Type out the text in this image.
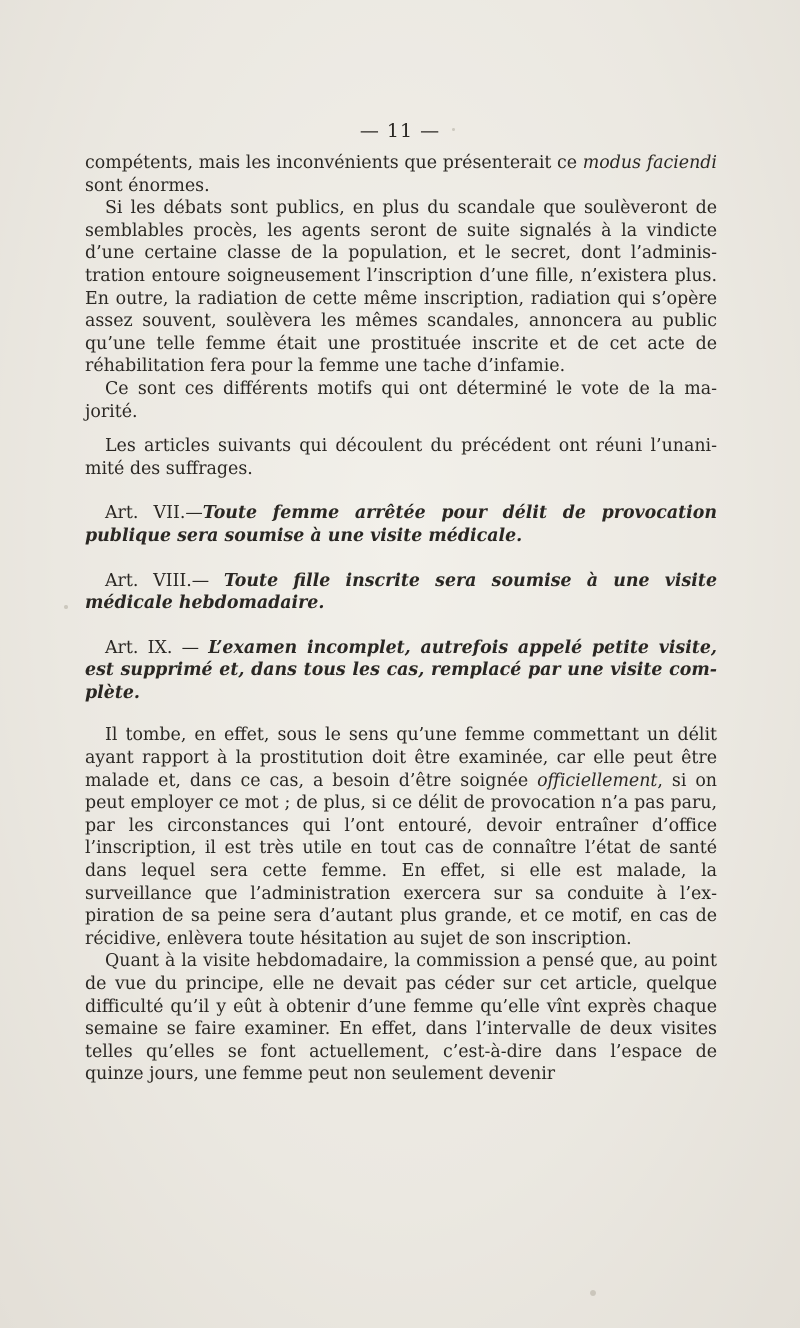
— 11 —

compétents, mais les inconvénients que présenterait ce modus faciendi sont énormes.

Si les débats sont publics, en plus du scandale que soulèveront de semblables procès, les agents seront de suite signalés à la vindicte d’une certaine classe de la population, et le secret, dont l’administration entoure soigneusement l’inscription d’une fille, n’existera plus. En outre, la radiation de cette même inscription, radiation qui s’opère assez souvent, soulèvera les mêmes scandales, annoncera au public qu’une telle femme était une prostituée inscrite et de cet acte de réhabilitation fera pour la femme une tache d’infamie.

Ce sont ces différents motifs qui ont déterminé le vote de la majorité.

Les articles suivants qui découlent du précédent ont réuni l’unanimité des suffrages.

Art. VII.—Toute femme arrêtée pour délit de provocation publique sera soumise à une visite médicale.

Art. VIII.— Toute fille inscrite sera soumise à une visite médicale hebdomadaire.

Art. IX. — L’examen incomplet, autrefois appelé petite visite, est supprimé et, dans tous les cas, remplacé par une visite complète.

Il tombe, en effet, sous le sens qu’une femme commettant un délit ayant rapport à la prostitution doit être examinée, car elle peut être malade et, dans ce cas, a besoin d’être soignée officiellement, si on peut employer ce mot ; de plus, si ce délit de provocation n’a pas paru, par les circonstances qui l’ont entouré, devoir entraîner d’office l’inscription, il est très utile en tout cas de connaître l’état de santé dans lequel sera cette femme. En effet, si elle est malade, la surveillance que l’administration exercera sur sa conduite à l’expiration de sa peine sera d’autant plus grande, et ce motif, en cas de récidive, enlèvera toute hésitation au sujet de son inscription.

Quant à la visite hebdomadaire, la commission a pensé que, au point de vue du principe, elle ne devait pas céder sur cet article, quelque difficulté qu’il y eût à obtenir d’une femme qu’elle vînt exprès chaque semaine se faire examiner. En effet, dans l’intervalle de deux visites telles qu’elles se font actuellement, c’est-à-dire dans l’espace de quinze jours, une femme peut non seulement devenir
